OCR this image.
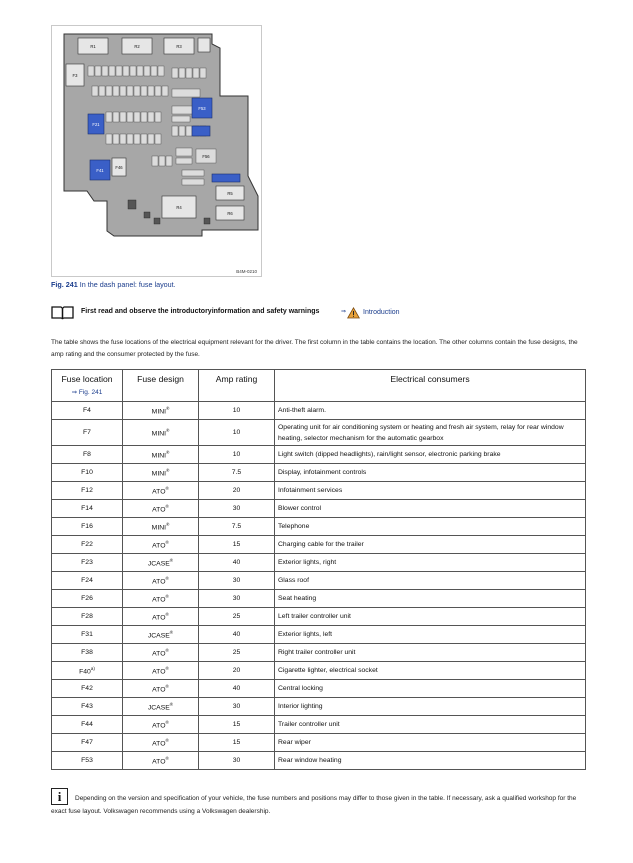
R1	R2	R3
F3
R4
R5
R6
F21
F53
F41
F56
F46
B4M-0210
Fig. 241 In the dash panel: fuse layout.
First read and observe the introductoryinformation and safety warnings	⇒ Introduction
The table shows the fuse locations of the electrical equipment relevant for the driver. The first column in the table contains the location. The other columns contain the fuse designs, the amp rating and the consumer protected by the fuse.
Fuse location
⇒ Fig. 241	Fuse design	Amp rating	Electrical consumers
F4	MINI®	10	Anti-theft alarm.
F7	MINI®	10	Operating unit for air conditioning system or heating and fresh air system, relay for rear window heating, selector mechanism for the automatic gearbox
F8	MINI®	10	Light switch (dipped headlights), rain/light sensor, electronic parking brake
F10	MINI®	7.5	Display, infotainment controls
F12	ATO®	20	Infotainment services
F14	ATO®	30	Blower control
F16	MINI®	7.5	Telephone
F22	ATO®	15	Charging cable for the trailer
F23	JCASE®	40	Exterior lights, right
F24	ATO®	30	Glass roof
F26	ATO®	30	Seat heating
F28	ATO®	25	Left trailer controller unit
F31	JCASE®	40	Exterior lights, left
F38	ATO®	25	Right trailer controller unit
F40$^{a)}$	ATO®	20	Cigarette lighter, electrical socket
F42	ATO®	40	Central locking
F43	JCASE®	30	Interior lighting
F44	ATO®	15	Trailer controller unit
F47	ATO®	15	Rear wiper
F53	ATO®	30	Rear window heating
i	Depending on the version and specification of your vehicle, the fuse numbers and positions may differ to those given in the table. If necessary, ask a qualified workshop for the exact fuse layout. Volkswagen recommends using a Volkswagen dealership.
